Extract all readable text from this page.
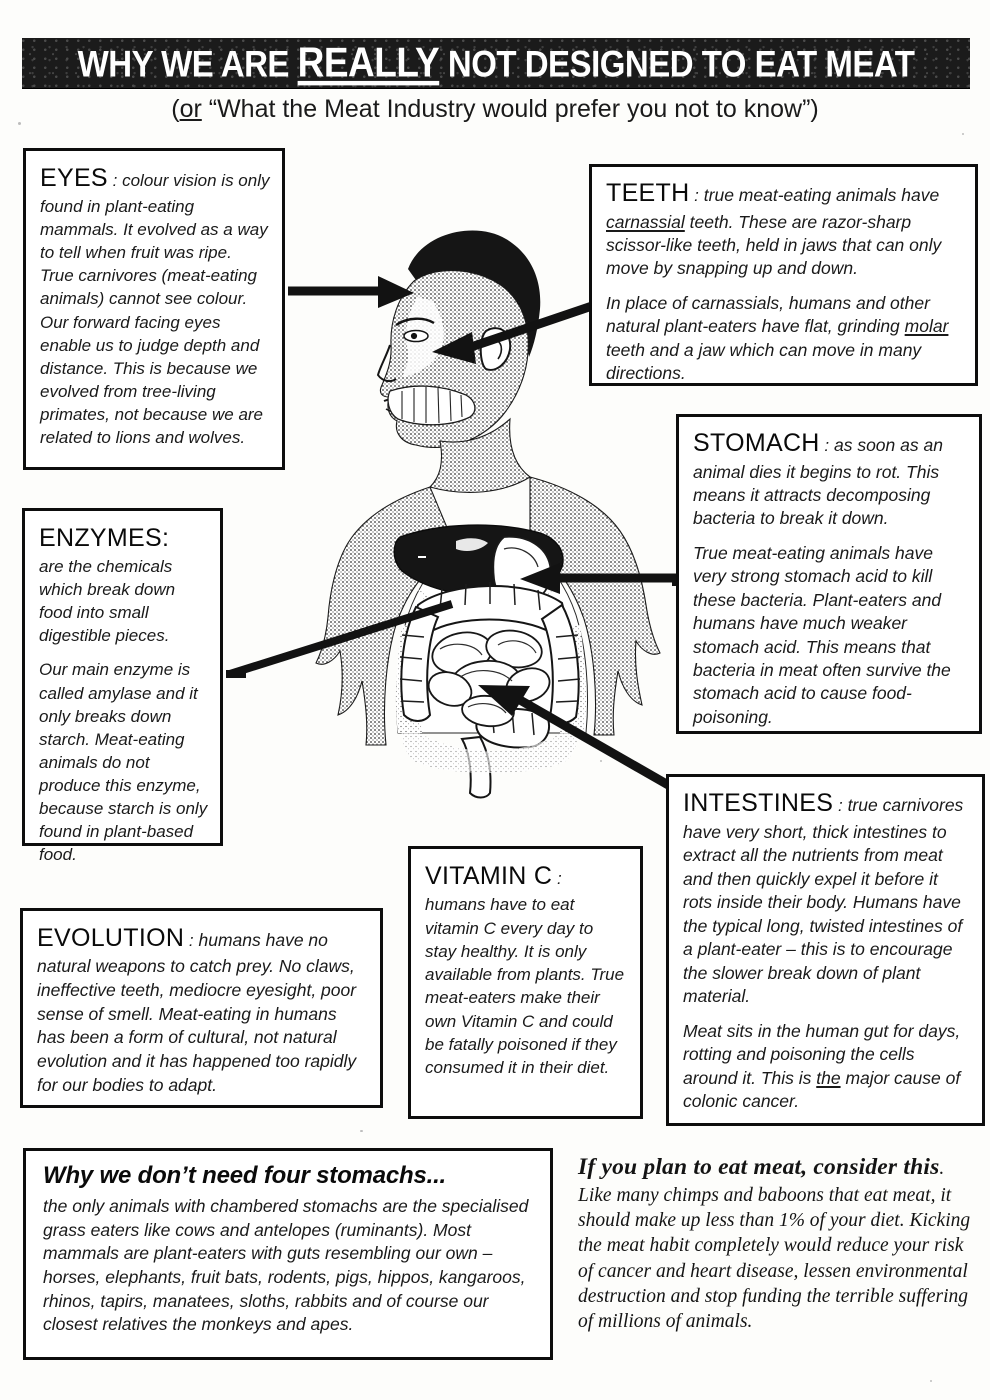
WHY WE ARE REALLY NOT DESIGNED TO EAT MEAT
(or “What the Meat Industry would prefer you not to know”)

EYES : colour vision is only found in plant-eating mammals. It evolved as a way to tell when fruit was ripe. True carnivores (meat-eating animals) cannot see colour. Our forward facing eyes enable us to judge depth and distance. This is because we evolved from tree-living primates, not because we are related to lions and wolves.

TEETH : true meat-eating animals have carnassial teeth. These are razor-sharp scissor-like teeth, held in jaws that can only move by snapping up and down.

In place of carnassials, humans and other natural plant-eaters have flat, grinding molar teeth and a jaw which can move in many directions.

STOMACH : as soon as an animal dies it begins to rot. This means it attracts decomposing bacteria to break it down.

True meat-eating animals have very strong stomach acid to kill these bacteria. Plant-eaters and humans have much weaker stomach acid. This means that bacteria in meat often survive the stomach acid to cause food-poisoning.

ENZYMES:
are the chemicals which break down food into small digestible pieces.

Our main enzyme is called amylase and it only breaks down starch. Meat-eating animals do not produce this enzyme, because starch is only found in plant-based food.

INTESTINES : true carnivores have very short, thick intestines to extract all the nutrients from meat and then quickly expel it before it rots inside their body. Humans have the typical long, twisted intestines of a plant-eater – this is to encourage the slower break down of plant material.

Meat sits in the human gut for days, rotting and poisoning the cells around it. This is the major cause of colonic cancer.

VITAMIN C :
humans have to eat vitamin C every day to stay healthy. It is only available from plants. True meat-eaters make their own Vitamin C and could be fatally poisoned if they consumed it in their diet.

EVOLUTION : humans have no natural weapons to catch prey. No claws, ineffective teeth, mediocre eyesight, poor sense of smell. Meat-eating in humans has been a form of cultural, not natural evolution and it has happened too rapidly for our bodies to adapt.

Why we don’t need four stomachs...
the only animals with chambered stomachs are the specialised grass eaters like cows and antelopes (ruminants). Most mammals are plant-eaters with guts resembling our own – horses, elephants, fruit bats, rodents, pigs, hippos, kangaroos, rhinos, tapirs, manatees, sloths, rabbits and of course our closest relatives the monkeys and apes.
If you plan to eat meat, consider this. Like many chimps and baboons that eat meat, it should make up less than 1% of your diet. Kicking the meat habit completely would reduce your risk of cancer and heart disease, lessen environmental destruction and stop funding the terrible suffering of millions of animals.
